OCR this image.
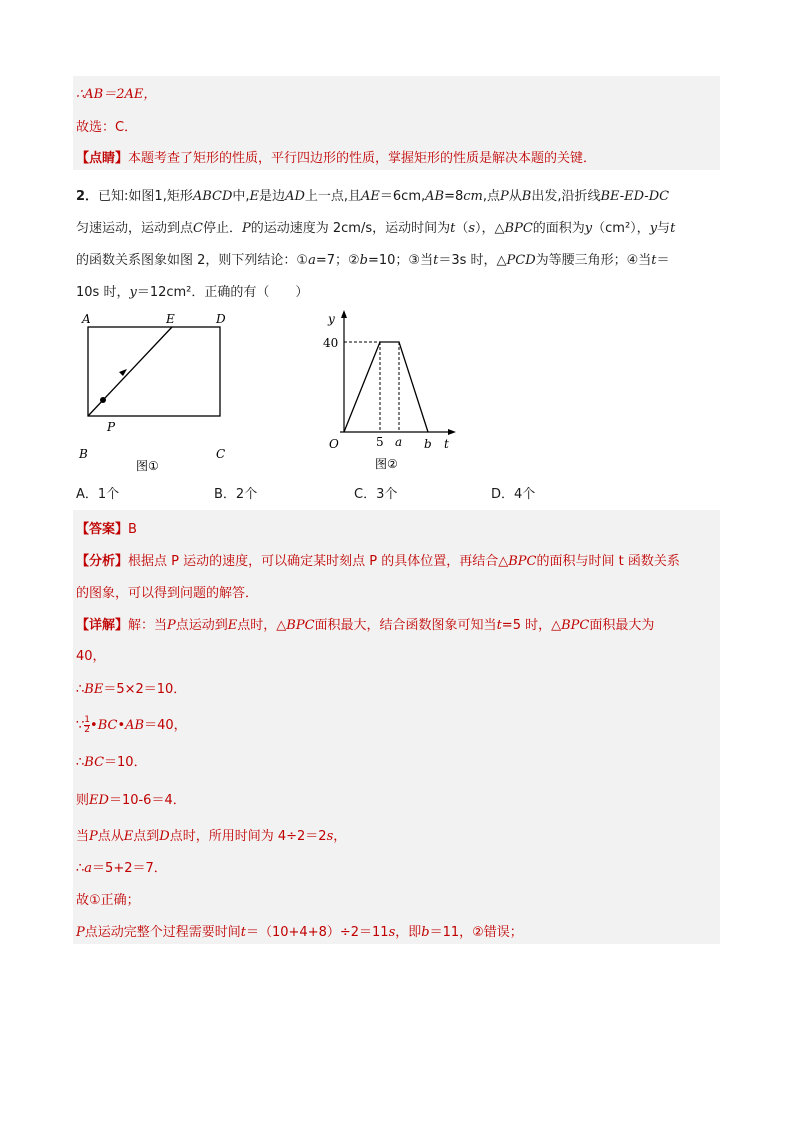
∴AB＝2AE，
故选：C．
【点睛】本题考查了矩形的性质，平行四边形的性质，掌握矩形的性质是解决本题的关键．
2．已知:如图1,矩形ABCD中,E是边AD上一点,且AE＝6cm,AB=8cm,点P从B出发,沿折线BE-ED-DC
匀速运动，运动到点C停止．P的运动速度为 2cm/s，运动时间为t（s），△BPC的面积为y（cm²），y与t
的函数关系图象如图 2，则下列结论：①a=7；②b=10；③当t＝3s 时，△PCD为等腰三角形；④当t＝
10s 时，y＝12cm²．正确的有（　　）
A	E	D
B	C
P
图①
y
40
O	5 a b t
图②
A．1个	B．2个	C．3个	D．4个
【答案】B
【分析】根据点 P 运动的速度，可以确定某时刻点 P 的具体位置，再结合△BPC的面积与时间 t 函数关系
的图象，可以得到问题的解答．
【详解】解：当P点运动到E点时，△BPC面积最大，结合函数图象可知当t=5 时，△BPC面积最大为
40，
∴BE＝5×2＝10．
∵ $\frac{1}{2}$ •BC•AB＝40，
∴BC＝10．
则ED＝10-6＝4．
当P点从E点到D点时，所用时间为 4÷2＝2s，
∴a＝5+2＝7．
故①正确；
P点运动完整个过程需要时间t＝（10+4+8）÷2＝11s，即b＝11，②错误；
